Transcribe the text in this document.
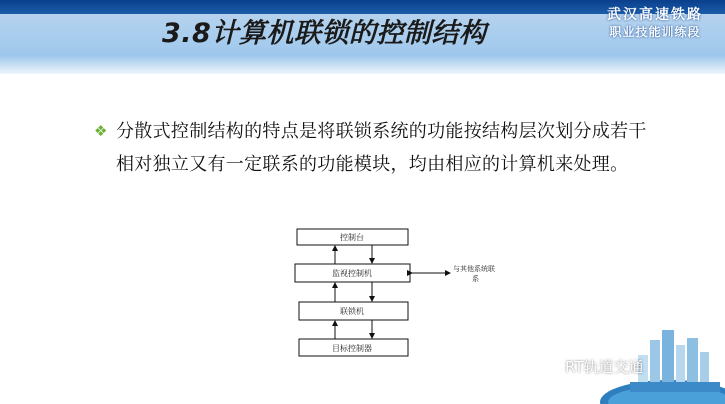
3.8计算机联锁的控制结构
武汉高速铁路
职业技能训练段
❖ 分散式控制结构的特点是将联锁系统的功能按结构层次划分成若干相对独立又有一定联系的功能模块，均由相应的计算机来处理。
控制台
监视控制机
联锁机
目标控制器
与其他系统联
系
RT轨道交通
